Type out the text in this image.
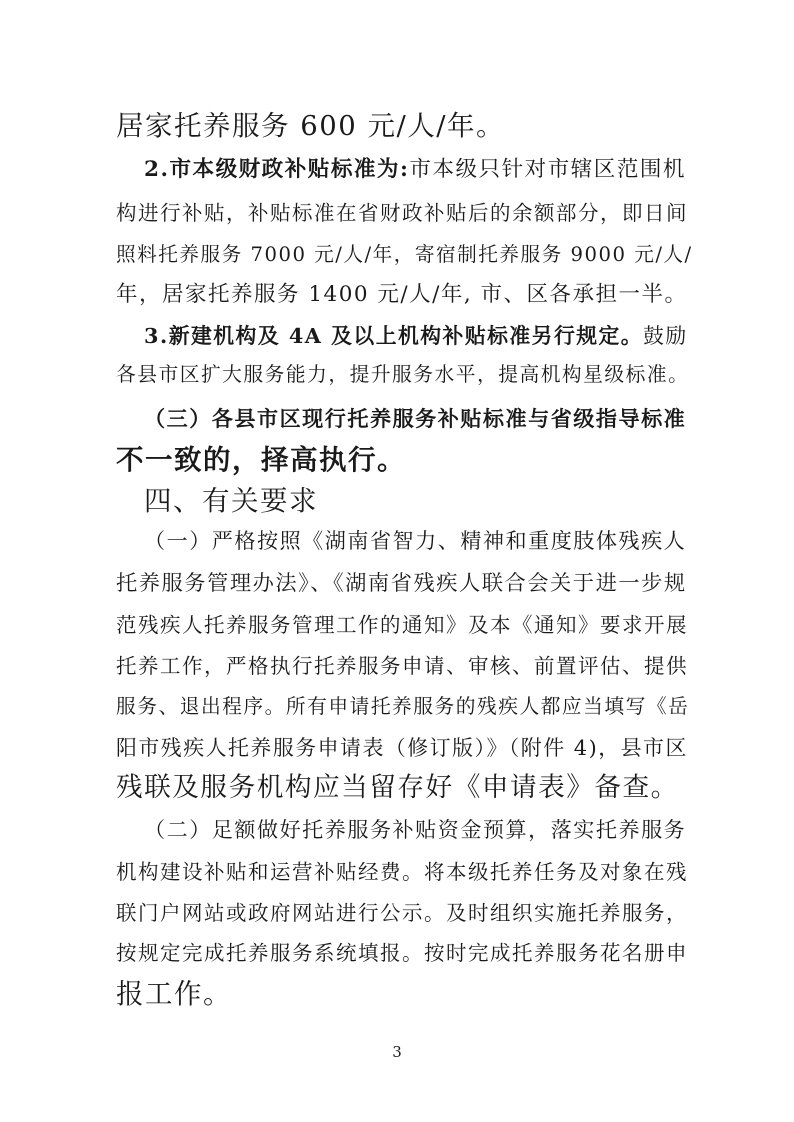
居家托养服务 600 元/人/年。
2.市本级财政补贴标准为:市本级只针对市辖区范围机
构进行补贴，补贴标准在省财政补贴后的余额部分，即日间
照料托养服务 7000 元/人/年，寄宿制托养服务 9000 元/人/
年，居家托养服务 1400 元/人/年, 市、区各承担一半。
3.新建机构及 4A 及以上机构补贴标准另行规定。鼓励
各县市区扩大服务能力，提升服务水平，提高机构星级标准。
（三）各县市区现行托养服务补贴标准与省级指导标准
不一致的，择高执行。
四、有关要求
（一）严格按照《湖南省智力、精神和重度肢体残疾人
托养服务管理办法》、《湖南省残疾人联合会关于进一步规
范残疾人托养服务管理工作的通知》及本《通知》要求开展
托养工作，严格执行托养服务申请、审核、前置评估、提供
服务、退出程序。所有申请托养服务的残疾人都应当填写《岳
阳市残疾人托养服务申请表（修订版）》（附件 4)，县市区
残联及服务机构应当留存好《申请表》备查。
（二）足额做好托养服务补贴资金预算，落实托养服务
机构建设补贴和运营补贴经费。将本级托养任务及对象在残
联门户网站或政府网站进行公示。及时组织实施托养服务，
按规定完成托养服务系统填报。按时完成托养服务花名册申
报工作。
3
